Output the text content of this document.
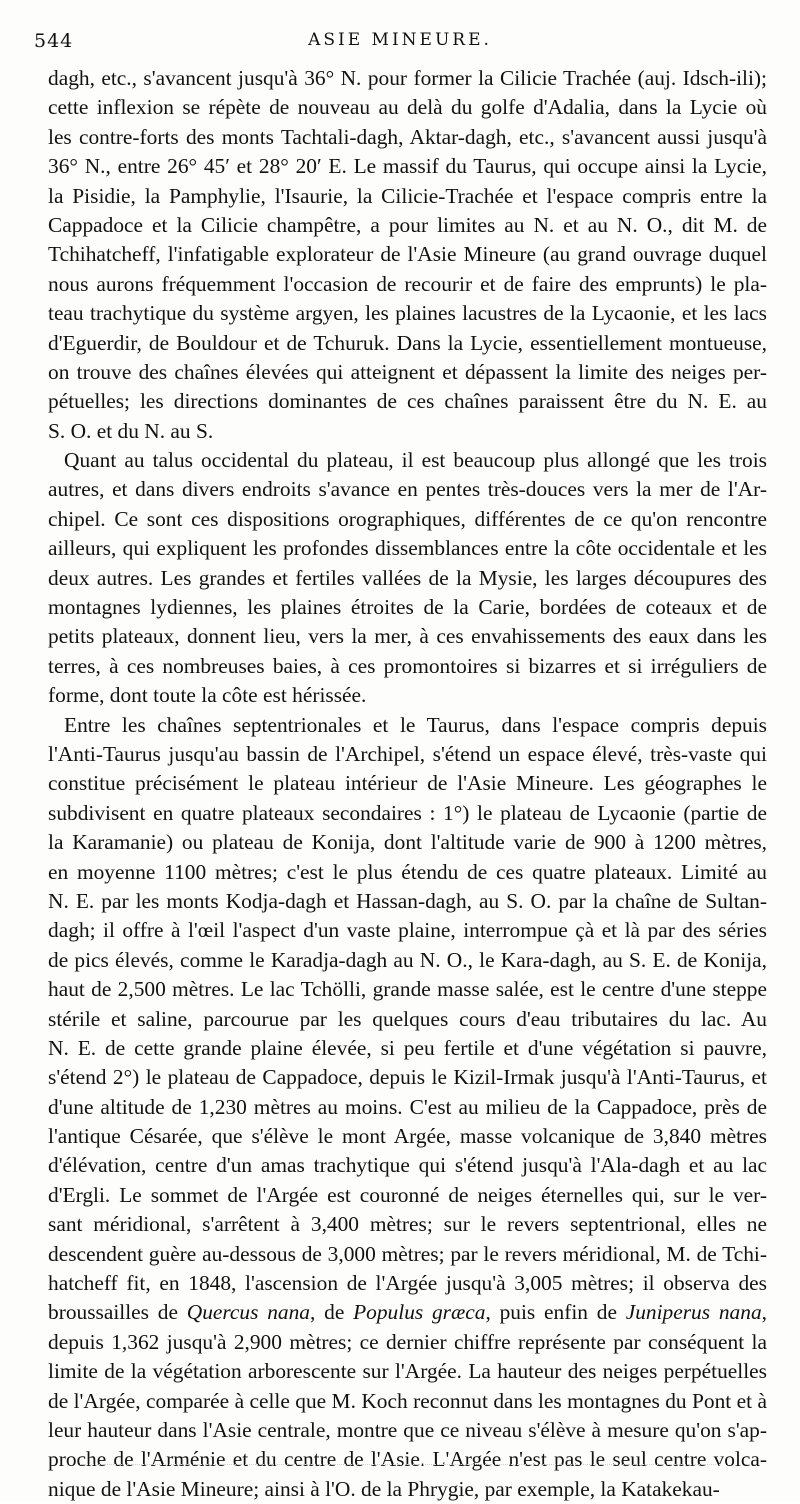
544	ASIE MINEURE.
dagh, etc., s'avancent jusqu'à 36° N. pour former la Cilicie Trachée (auj. Idsch-ili);
cette inflexion se répète de nouveau au delà du golfe d'Adalia, dans la Lycie où
les contre-forts des monts Tachtali-dagh, Aktar-dagh, etc., s'avancent aussi jusqu'à
36° N., entre 26° 45′ et 28° 20′ E. Le massif du Taurus, qui occupe ainsi la Lycie,
la Pisidie, la Pamphylie, l'Isaurie, la Cilicie-Trachée et l'espace compris entre la
Cappadoce et la Cilicie champêtre, a pour limites au N. et au N. O., dit M. de
Tchihatcheff, l'infatigable explorateur de l'Asie Mineure (au grand ouvrage duquel
nous aurons fréquemment l'occasion de recourir et de faire des emprunts) le pla-
teau trachytique du système argyen, les plaines lacustres de la Lycaonie, et les lacs
d'Eguerdir, de Bouldour et de Tchuruk. Dans la Lycie, essentiellement montueuse,
on trouve des chaînes élevées qui atteignent et dépassent la limite des neiges per-
pétuelles; les directions dominantes de ces chaînes paraissent être du N. E. au
S. O. et du N. au S.
Quant au talus occidental du plateau, il est beaucoup plus allongé que les trois
autres, et dans divers endroits s'avance en pentes très-douces vers la mer de l'Ar-
chipel. Ce sont ces dispositions orographiques, différentes de ce qu'on rencontre
ailleurs, qui expliquent les profondes dissemblances entre la côte occidentale et les
deux autres. Les grandes et fertiles vallées de la Mysie, les larges découpures des
montagnes lydiennes, les plaines étroites de la Carie, bordées de coteaux et de
petits plateaux, donnent lieu, vers la mer, à ces envahissements des eaux dans les
terres, à ces nombreuses baies, à ces promontoires si bizarres et si irréguliers de
forme, dont toute la côte est hérissée.
Entre les chaînes septentrionales et le Taurus, dans l'espace compris depuis
l'Anti-Taurus jusqu'au bassin de l'Archipel, s'étend un espace élevé, très-vaste qui
constitue précisément le plateau intérieur de l'Asie Mineure. Les géographes le
subdivisent en quatre plateaux secondaires : 1°) le plateau de Lycaonie (partie de
la Karamanie) ou plateau de Konija, dont l'altitude varie de 900 à 1200 mètres,
en moyenne 1100 mètres; c'est le plus étendu de ces quatre plateaux. Limité au
N. E. par les monts Kodja-dagh et Hassan-dagh, au S. O. par la chaîne de Sultan-
dagh; il offre à l'œil l'aspect d'un vaste plaine, interrompue çà et là par des séries
de pics élevés, comme le Karadja-dagh au N. O., le Kara-dagh, au S. E. de Konija,
haut de 2,500 mètres. Le lac Tchölli, grande masse salée, est le centre d'une steppe
stérile et saline, parcourue par les quelques cours d'eau tributaires du lac. Au
N. E. de cette grande plaine élevée, si peu fertile et d'une végétation si pauvre,
s'étend 2°) le plateau de Cappadoce, depuis le Kizil-Irmak jusqu'à l'Anti-Taurus, et
d'une altitude de 1,230 mètres au moins. C'est au milieu de la Cappadoce, près de
l'antique Césarée, que s'élève le mont Argée, masse volcanique de 3,840 mètres
d'élévation, centre d'un amas trachytique qui s'étend jusqu'à l'Ala-dagh et au lac
d'Ergli. Le sommet de l'Argée est couronné de neiges éternelles qui, sur le ver-
sant méridional, s'arrêtent à 3,400 mètres; sur le revers septentrional, elles ne
descendent guère au-dessous de 3,000 mètres; par le revers méridional, M. de Tchi-
hatcheff fit, en 1848, l'ascension de l'Argée jusqu'à 3,005 mètres; il observa des
broussailles de Quercus nana, de Populus græca, puis enfin de Juniperus nana,
depuis 1,362 jusqu'à 2,900 mètres; ce dernier chiffre représente par conséquent la
limite de la végétation arborescente sur l'Argée. La hauteur des neiges perpétuelles
de l'Argée, comparée à celle que M. Koch reconnut dans les montagnes du Pont et à
leur hauteur dans l'Asie centrale, montre que ce niveau s'élève à mesure qu'on s'ap-
proche de l'Arménie et du centre de l'Asie. L'Argée n'est pas le seul centre volca-
nique de l'Asie Mineure; ainsi à l'O. de la Phrygie, par exemple, la Katakekau-
